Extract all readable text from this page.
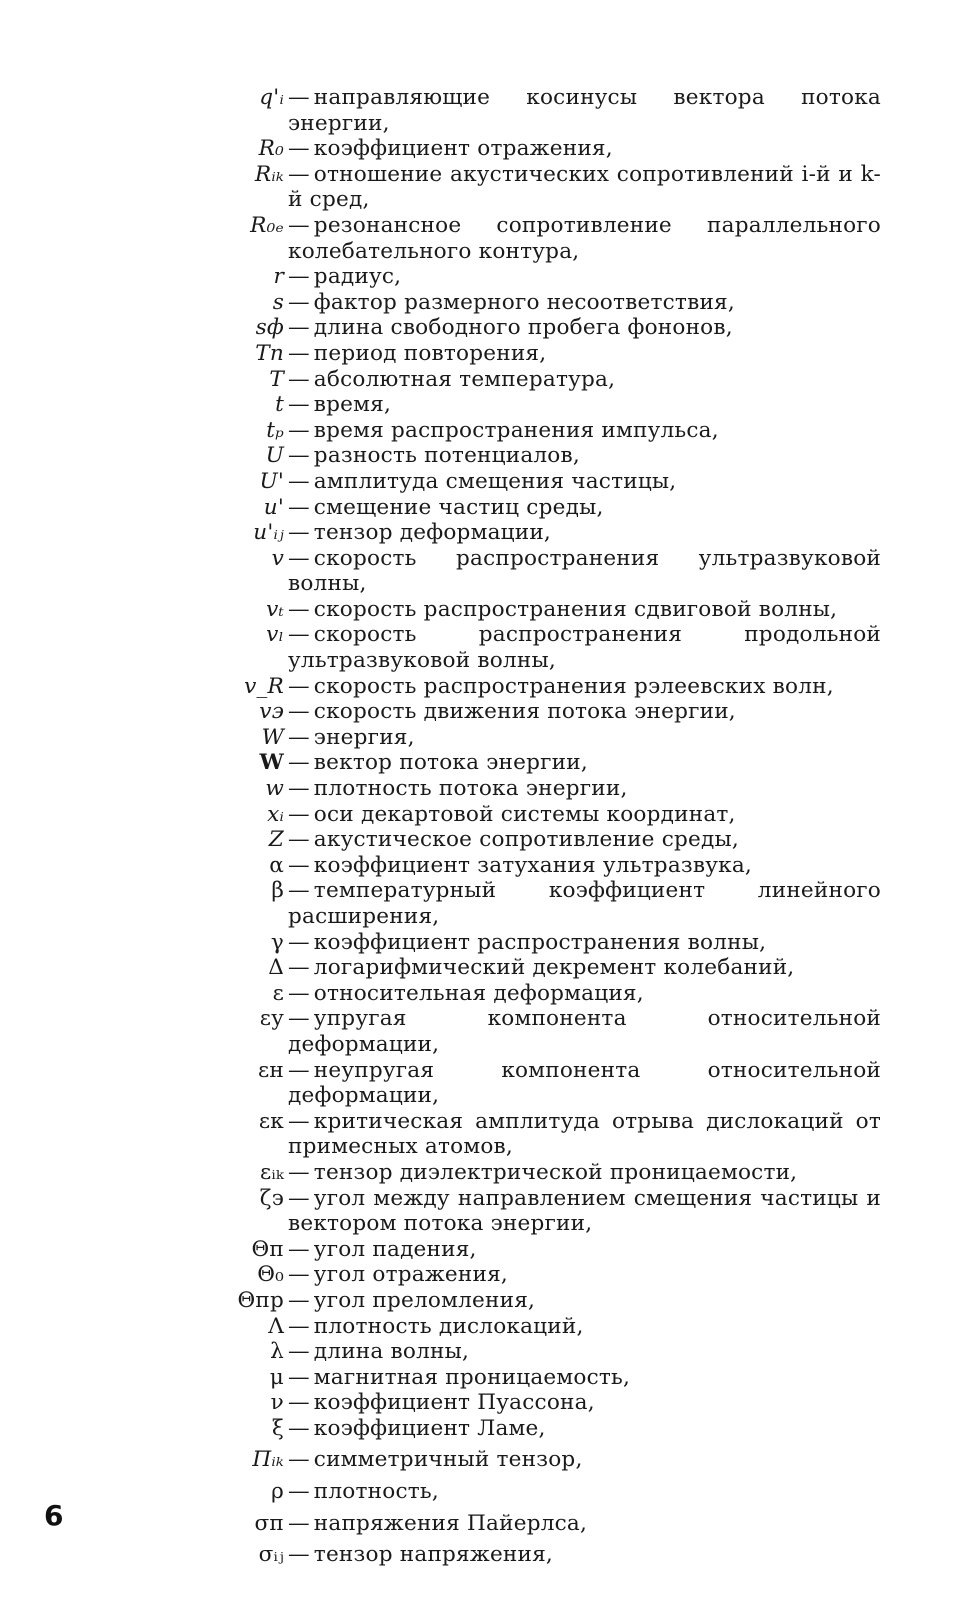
q'ᵢ — направляющие косинусы вектора потока энергии,

R₀ — коэффициент отражения,

Rᵢₖ — отношение акустических сопротивлений i-й и k-й сред,

R₀ₑ — резонансное сопротивление параллельного колебательного контура,

r — радиус,

s — фактор размерного несоответствия,

sф — длина свободного пробега фононов,

Tп — период повторения,

T — абсолютная температура,

t — время,

tₚ — время распространения импульса,

U — разность потенциалов,

U' — амплитуда смещения частицы,

u' — смещение частиц среды,

u'ᵢⱼ — тензор деформации,

v — скорость распространения ультразвуковой волны,

vₜ — скорость распространения сдвиговой волны,

vₗ — скорость распространения продольной ультразвуковой волны,

v_R — скорость распространения рэлеевских волн,

vэ — скорость движения потока энергии,

W — энергия,

W — вектор потока энергии,

w — плотность потока энергии,

xᵢ — оси декартовой системы координат,

Z — акустическое сопротивление среды,

α — коэффициент затухания ультразвука,

β — температурный коэффициент линейного расширения,

γ — коэффициент распространения волны,

Δ — логарифмический декремент колебаний,

ε — относительная деформация,

εу — упругая компонента относительной деформации,

εн — неупругая компонента относительной деформации,

εк — критическая амплитуда отрыва дислокаций от примесных атомов,

εᵢₖ — тензор диэлектрической проницаемости,

ζэ — угол между направлением смещения частицы и вектором потока энергии,

Θп — угол падения,

Θ₀ — угол отражения,

Θпр — угол преломления,

Λ — плотность дислокаций,

λ — длина волны,

μ — магнитная проницаемость,

ν — коэффициент Пуассона,

ξ — коэффициент Ламе,

Πᵢₖ — симметричный тензор,

ρ — плотность,

σп — напряжения Пайерлса,

σᵢⱼ — тензор напряжения,

6
